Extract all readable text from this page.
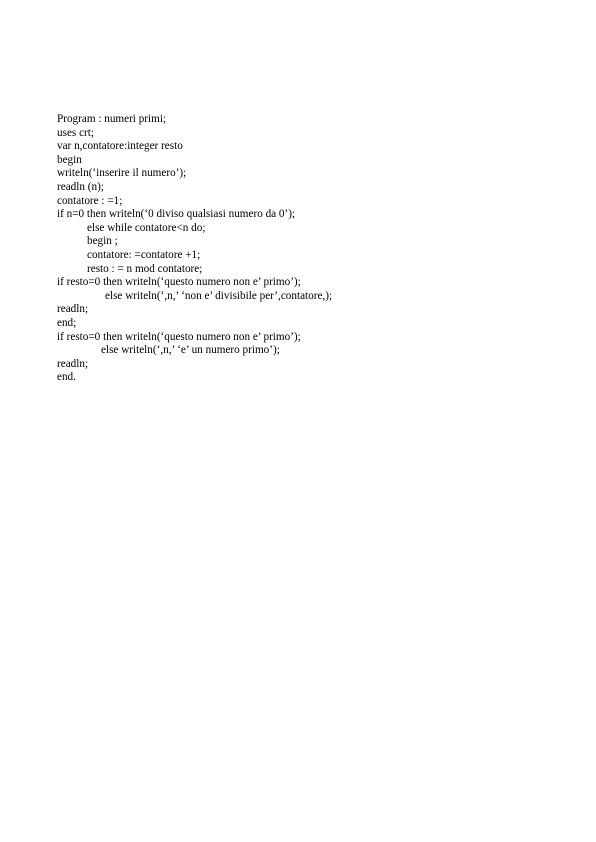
Program : numeri primi;
uses crt;
var n,contatore:integer resto
begin
writeln(‘inserire il numero’);
readln (n);
contatore : =1;
if n=0 then writeln(‘0 diviso qualsiasi numero da 0’);
else while contatore<n do;
begin ;
contatore: =contatore +1;
resto : = n mod contatore;
if resto=0 then writeln(‘questo numero non e’ primo’);
else writeln(‘,n,’ ‘non e’ divisibile per’,contatore,);
readln;
end;
if resto=0 then writeln(‘questo numero non e’ primo’);
else writeln(‘,n,’ ‘e’ un numero primo’);
readln;
end.
